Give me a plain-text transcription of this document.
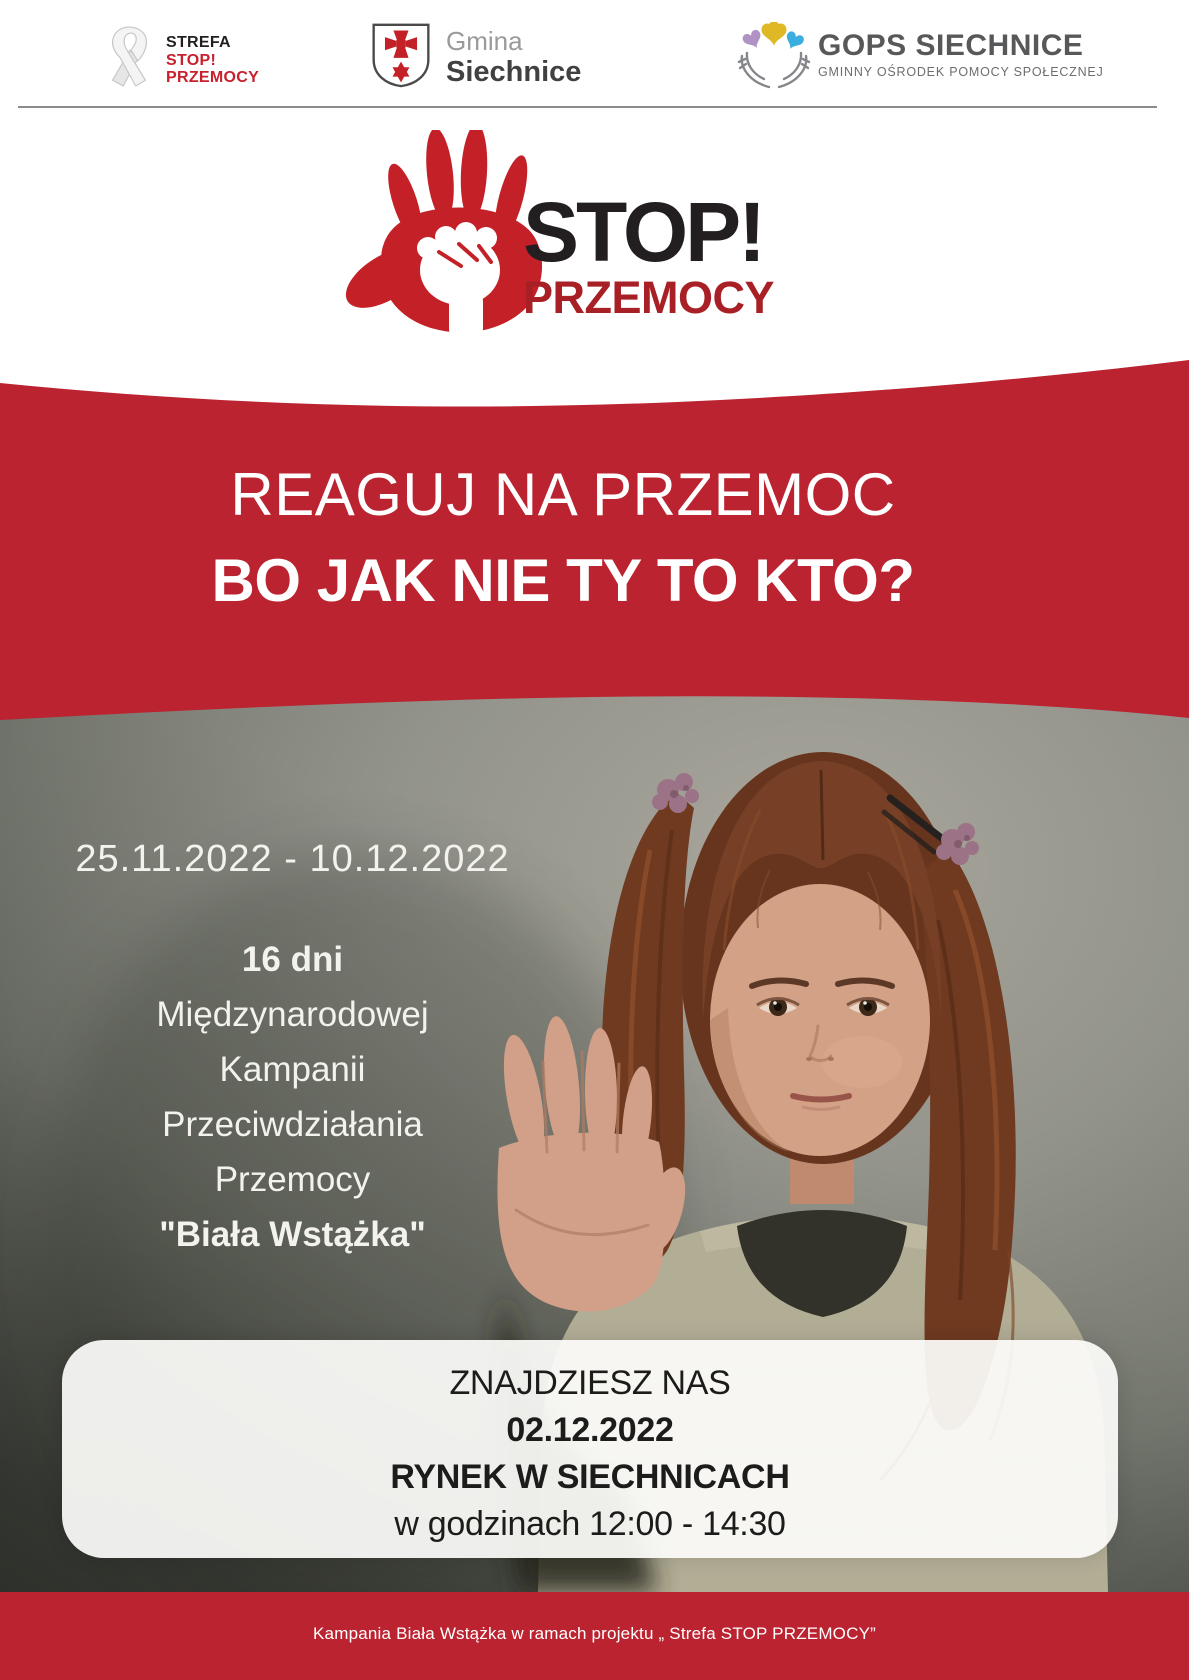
STREFA
STOP!
PRZEMOCY
Gmina
Siechnice
GOPS SIECHNICE
GMINNY OŚRODEK POMOCY SPOŁECZNEJ
STOP!
PRZEMOCY
REAGUJ NA PRZEMOC
BO JAK NIE TY TO KTO?
25.11.2022 - 10.12.2022
16 dni
Międzynarodowej
Kampanii
Przeciwdziałania
Przemocy
"Biała Wstążka"
ZNAJDZIESZ NAS
02.12.2022
RYNEK W SIECHNICACH
w godzinach 12:00 - 14:30
Kampania Biała Wstążka w ramach projektu „ Strefa STOP PRZEMOCY”
